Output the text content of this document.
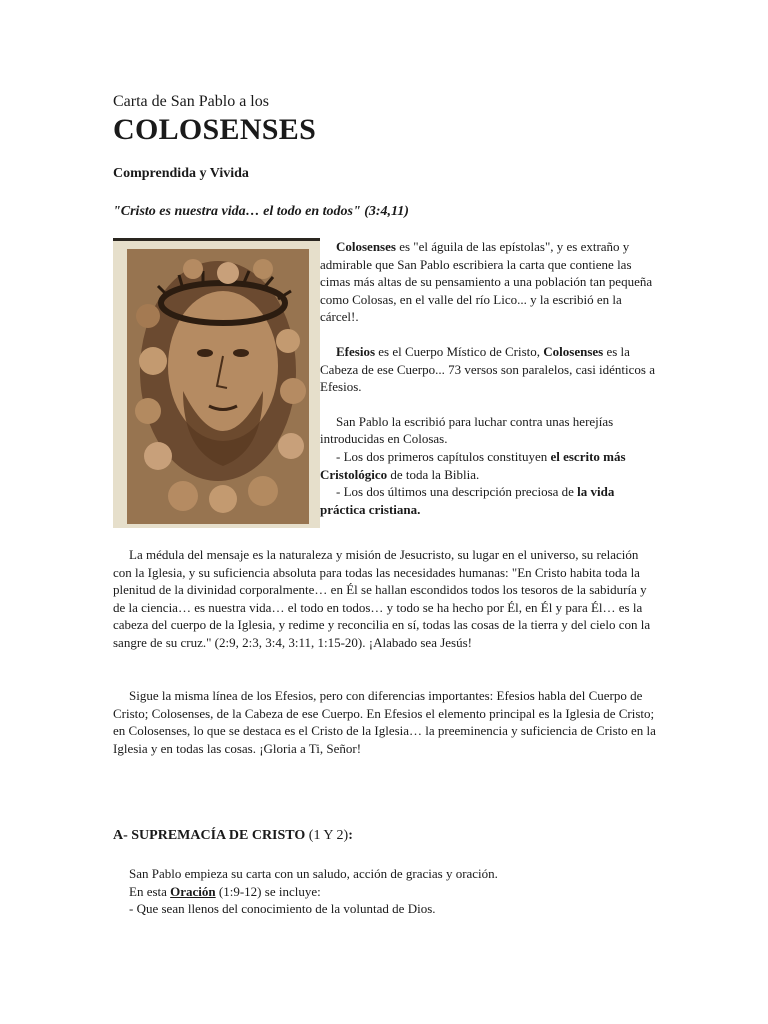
Carta de San Pablo a los
COLOSENSES
Comprendida y Vivida
"Cristo es nuestra vida… el todo en todos" (3:4,11)

Colosenses es "el águila de las epístolas", y es extraño y admirable que San Pablo escribiera la carta que contiene las cimas más altas de su pensamiento a una población tan pequeña como Colosas, en el valle del río Lico... y la escribió en la cárcel!.

Efesios es el Cuerpo Místico de Cristo, Colosenses es la Cabeza de ese Cuerpo... 73 versos son paralelos, casi idénticos a Efesios.

San Pablo la escribió para luchar contra unas herejías introducidas en Colosas.
- Los dos primeros capítulos constituyen el escrito más Cristológico de toda la Biblia.
- Los dos últimos una descripción preciosa de la vida práctica cristiana.

La médula del mensaje es la naturaleza y misión de Jesucristo, su lugar en el universo, su relación con la Iglesia, y su suficiencia absoluta para todas las necesidades humanas: "En Cristo habita toda la plenitud de la divinidad corporalmente… en Él se hallan escondidos todos los tesoros de la sabiduría y de la ciencia… es nuestra vida… el todo en todos… y todo se ha hecho por Él, en Él y para Él… es la cabeza del cuerpo de la Iglesia, y redime y reconcilia en sí, todas las cosas de la tierra y del cielo con la sangre de su cruz." (2:9, 2:3, 3:4, 3:11, 1:15-20). ¡Alabado sea Jesús!

Sigue la misma línea de los Efesios, pero con diferencias importantes: Efesios habla del Cuerpo de Cristo; Colosenses, de la Cabeza de ese Cuerpo. En Efesios el elemento principal es la Iglesia de Cristo; en Colosenses, lo que se destaca es el Cristo de la Iglesia… la preeminencia y suficiencia de Cristo en la Iglesia y en todas las cosas. ¡Gloria a Ti, Señor!

A- SUPREMACÍA DE CRISTO (1 Y 2):

San Pablo empieza su carta con un saludo, acción de gracias y oración.

En esta Oración (1:9-12) se incluye:

- Que sean llenos del conocimiento de la voluntad de Dios.
